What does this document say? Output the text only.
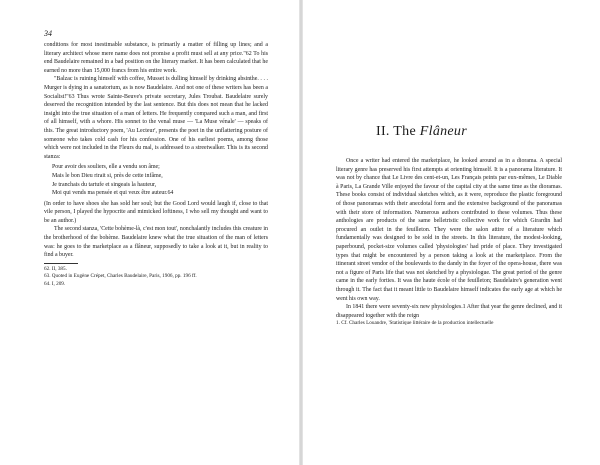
34

conditions for most inestimable substance, is primarily a matter of filling up lines; and a literary architect whose mere name does not promise a profit must sell at any price."62 To his end Baudelaire remained in a bad position on the literary market. It has been calculated that he earned no more than 15,000 francs from his entire work.

"Balzac is ruining himself with coffee, Musset is dulling himself by drinking absinthe. . . . Murger is dying in a sanatorium, as is now Baudelaire. And not one of these writers has been a Socialist!"63 Thus wrote Sainte-Beuve's private secretary, Jules Troubat. Baudelaire surely deserved the recognition intended by the last sentence. But this does not mean that he lacked insight into the true situation of a man of letters. He frequently compared such a man, and first of all himself, with a whore. His sonnet to the venal muse — 'La Muse vénale' — speaks of this. The great introductory poem, 'Au Lecteur', presents the poet in the unflattering posture of someone who takes cold cash for his confession. One of his earliest poems, among those which were not included in the Fleurs du mal, is addressed to a streetwalker. This is its second stanza:

Pour avoir des souliers, elle a vendu son âme;
Mais le bon Dieu rirait si, près de cette infâme,
Je tranchais du tartufe et singeais la hauteur,
Moi qui vends ma pensée et qui veux être auteur.64

(In order to have shoes she has sold her soul; but the Good Lord would laugh if, close to that vile person, I played the hypocrite and mimicked loftiness, I who sell my thought and want to be an author.)

The second stanza, 'Cette bohème-là, c'est mon tout', nonchalantly includes this creature in the brotherhood of the bohème. Baudelaire knew what the true situation of the man of letters was: he goes to the marketplace as a flâneur, supposedly to take a look at it, but in reality to find a buyer.

62. II, 385.
63. Quoted in Eugène Crépet, Charles Baudelaire, Paris, 1906, pp. 196 ff.
64. I, 209.
II. The Flâneur

Once a writer had entered the marketplace, he looked around as in a diorama. A special literary genre has preserved his first attempts at orienting himself. It is a panorama literature. It was not by chance that Le Livre des cent-et-un, Les Français peints par eux-mêmes, Le Diable à Paris, La Grande Ville enjoyed the favour of the capital city at the same time as the dioramas. These books consist of individual sketches which, as it were, reproduce the plastic foreground of those panoramas with their anecdotal form and the extensive background of the panoramas with their store of information. Numerous authors contributed to these volumes. Thus these anthologies are products of the same belletristic collective work for which Girardin had procured an outlet in the feuilleton. They were the salon attire of a literature which fundamentally was designed to be sold in the streets. In this literature, the modest-looking, paperbound, pocket-size volumes called 'physiologies' had pride of place. They investigated types that might be encountered by a person taking a look at the marketplace. From the itinerant street vendor of the boulevards to the dandy in the foyer of the opera-house, there was not a figure of Paris life that was not sketched by a physiologue. The great period of the genre came in the early forties. It was the haute école of the feuilleton; Baudelaire's generation went through it. The fact that it meant little to Baudelaire himself indicates the early age at which he went his own way.

In 1841 there were seventy-six new physiologies.1 After that year the genre declined, and it disappeared together with the reign

1. Cf. Charles Louandre, 'Statistique littéraire de la production intellectuelle
